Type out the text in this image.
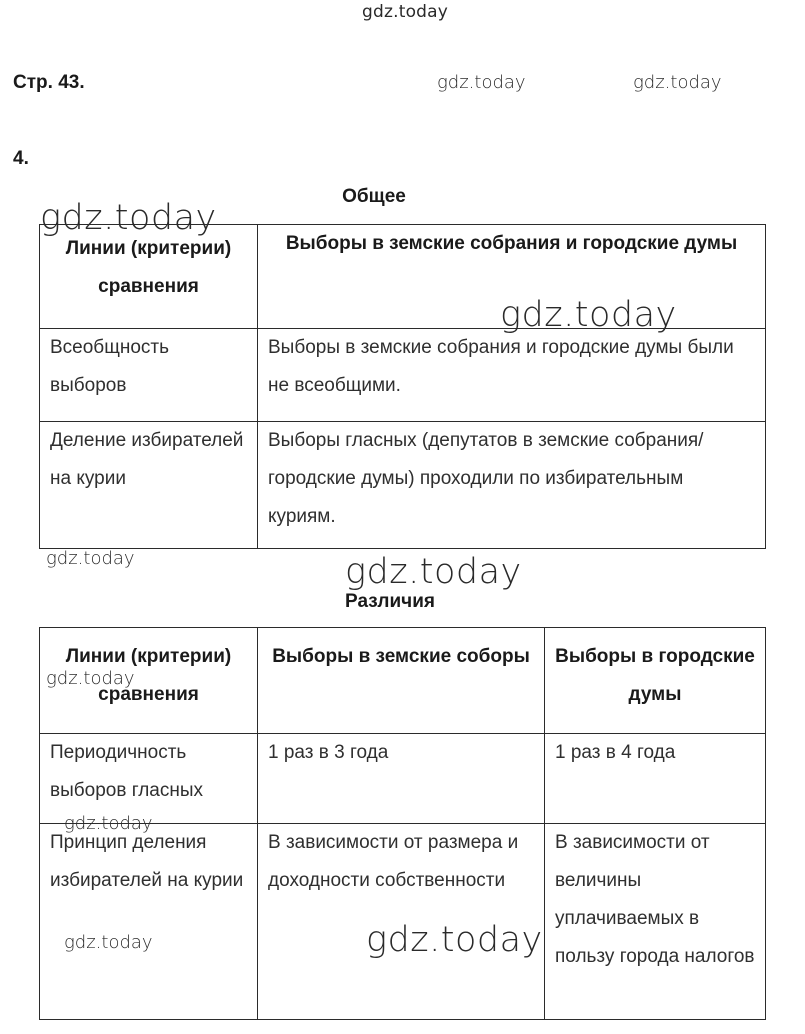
gdz.today
Стр. 43.	gdz.today	gdz.today
4.
Общее
Линии (критерии) сравнения	Выборы в земские собрания и городские думы
Всеобщность выборов	Выборы в земские собрания и городские думы были не всеобщими.
Деление избирателей на курии	Выборы гласных (депутатов в земские собрания/городские думы) проходили по избирательным куриям.
gdz.today
gdz.today
gdz.today	gdz.today
Различия
Линии (критерии) сравнения	Выборы в земские соборы	Выборы в городские думы
Периодичность выборов гласных	1 раз в 3 года	1 раз в 4 года
Принцип деления избирателей на курии	В зависимости от размера и доходности собственности	В зависимости от величины уплачиваемых в пользу города налогов
gdz.today
gdz.today
gdz.today	gdz.today
